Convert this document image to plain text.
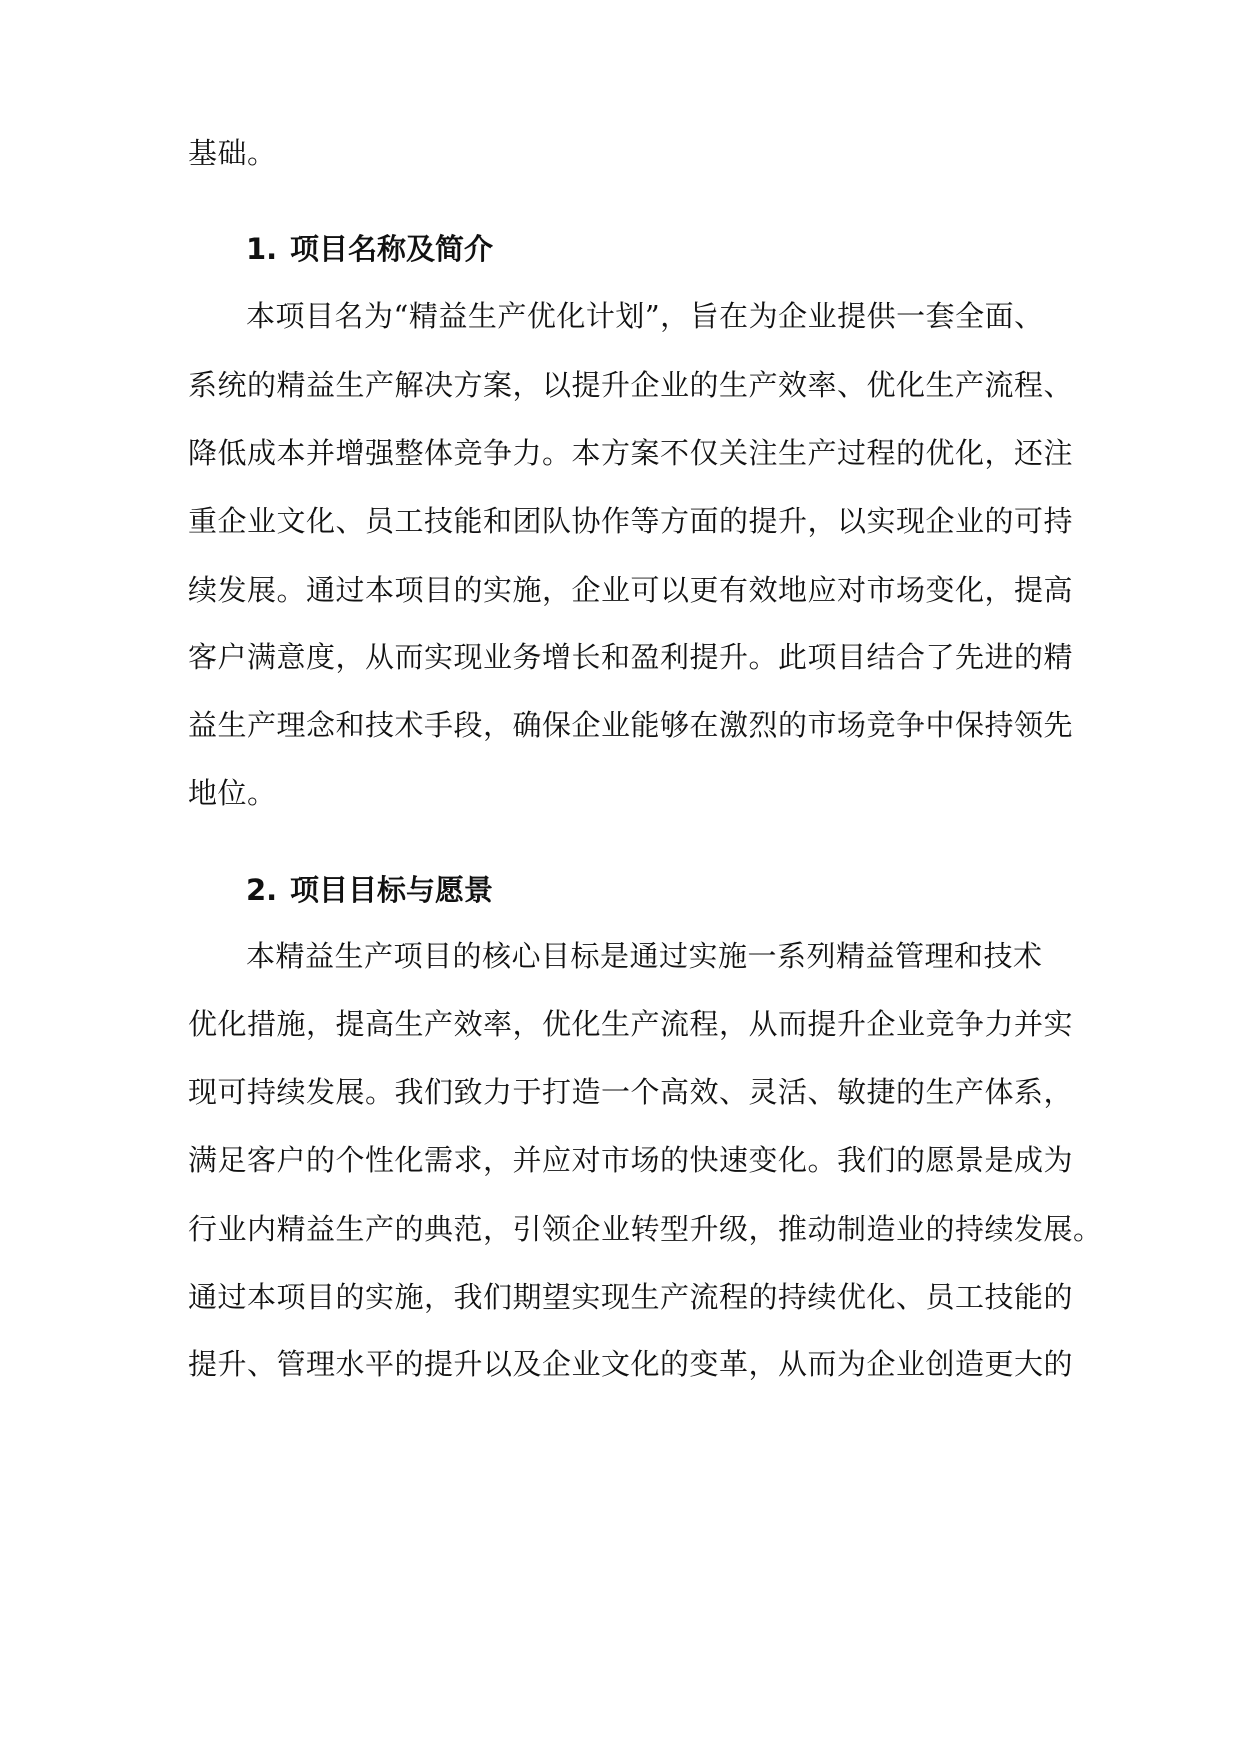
基础。
1. 项目名称及简介
本项目名为“精益生产优化计划”，旨在为企业提供一套全面、
系统的精益生产解决方案，以提升企业的生产效率、优化生产流程、
降低成本并增强整体竞争力。本方案不仅关注生产过程的优化，还注
重企业文化、员工技能和团队协作等方面的提升，以实现企业的可持
续发展。通过本项目的实施，企业可以更有效地应对市场变化，提高
客户满意度，从而实现业务增长和盈利提升。此项目结合了先进的精
益生产理念和技术手段，确保企业能够在激烈的市场竞争中保持领先
地位。
2. 项目目标与愿景
本精益生产项目的核心目标是通过实施一系列精益管理和技术
优化措施，提高生产效率，优化生产流程，从而提升企业竞争力并实
现可持续发展。我们致力于打造一个高效、灵活、敏捷的生产体系，
满足客户的个性化需求，并应对市场的快速变化。我们的愿景是成为
行业内精益生产的典范，引领企业转型升级，推动制造业的持续发展。
通过本项目的实施，我们期望实现生产流程的持续优化、员工技能的
提升、管理水平的提升以及企业文化的变革，从而为企业创造更大的
